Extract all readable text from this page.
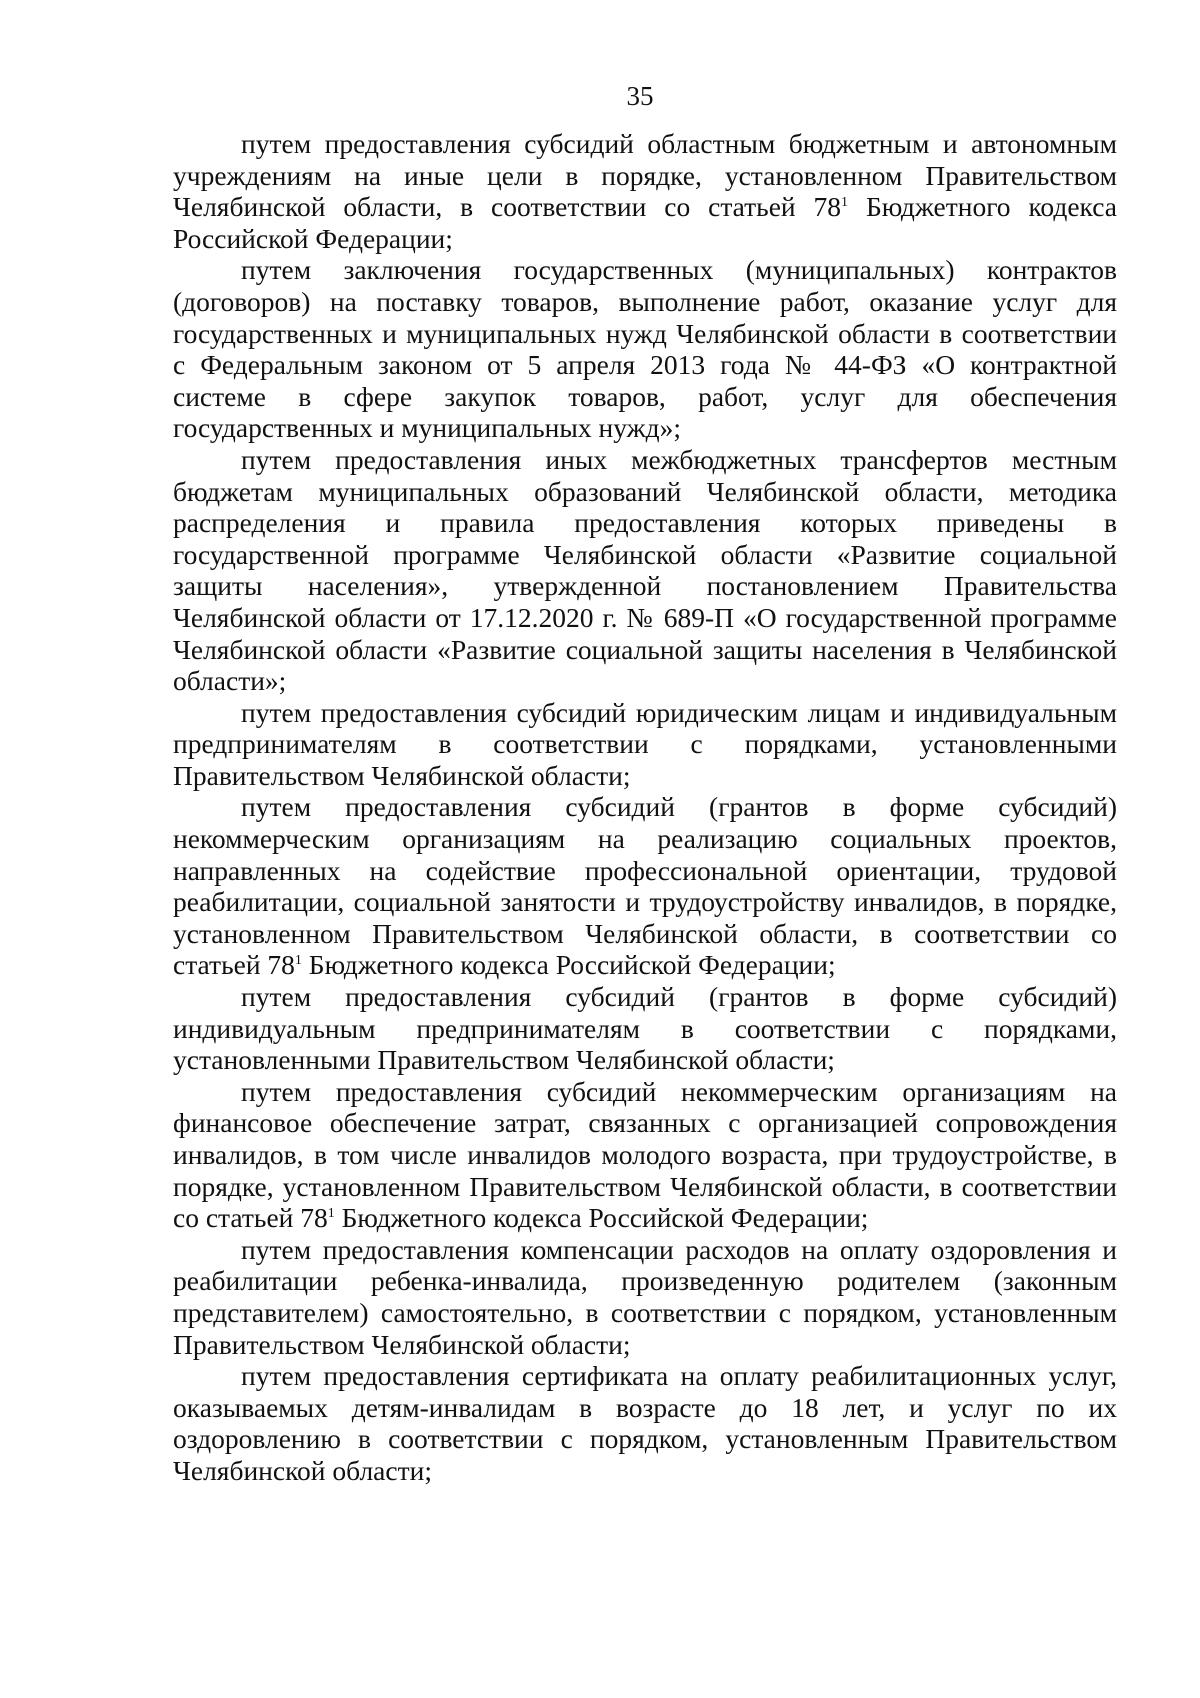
35

путем предоставления субсидий областным бюджетным и автономным учреждениям на иные цели в порядке, установленном Правительством Челябинской области, в соответствии со статьей $78^1$ Бюджетного кодекса Российской Федерации;

путем заключения государственных (муниципальных) контрактов (договоров) на поставку товаров, выполнение работ, оказание услуг для государственных и муниципальных нужд Челябинской области в соответствии с Федеральным законом от 5 апреля 2013 года № 44-ФЗ «О контрактной системе в сфере закупок товаров, работ, услуг для обеспечения государственных и муниципальных нужд»;

путем предоставления иных межбюджетных трансфертов местным бюджетам муниципальных образований Челябинской области, методика распределения и правила предоставления которых приведены в государственной программе Челябинской области «Развитие социальной защиты населения», утвержденной постановлением Правительства Челябинской области от 17.12.2020 г. № 689-П «О государственной программе Челябинской области «Развитие социальной защиты населения в Челябинской области»;

путем предоставления субсидий юридическим лицам и индивидуальным предпринимателям в соответствии с порядками, установленными Правительством Челябинской области;

путем предоставления субсидий (грантов в форме субсидий) некоммерческим организациям на реализацию социальных проектов, направленных на содействие профессиональной ориентации, трудовой реабилитации, социальной занятости и трудоустройству инвалидов, в порядке, установленном Правительством Челябинской области, в соответствии со статьей $78^1$ Бюджетного кодекса Российской Федерации;

путем предоставления субсидий (грантов в форме субсидий) индивидуальным предпринимателям в соответствии с порядками, установленными Правительством Челябинской области;

путем предоставления субсидий некоммерческим организациям на финансовое обеспечение затрат, связанных с организацией сопровождения инвалидов, в том числе инвалидов молодого возраста, при трудоустройстве, в порядке, установленном Правительством Челябинской области, в соответствии со статьей $78^1$ Бюджетного кодекса Российской Федерации;

путем предоставления компенсации расходов на оплату оздоровления и реабилитации ребенка-инвалида, произведенную родителем (законным представителем) самостоятельно, в соответствии с порядком, установленным Правительством Челябинской области;

путем предоставления сертификата на оплату реабилитационных услуг, оказываемых детям-инвалидам в возрасте до 18 лет, и услуг по их оздоровлению в соответствии с порядком, установленным Правительством Челябинской области;
